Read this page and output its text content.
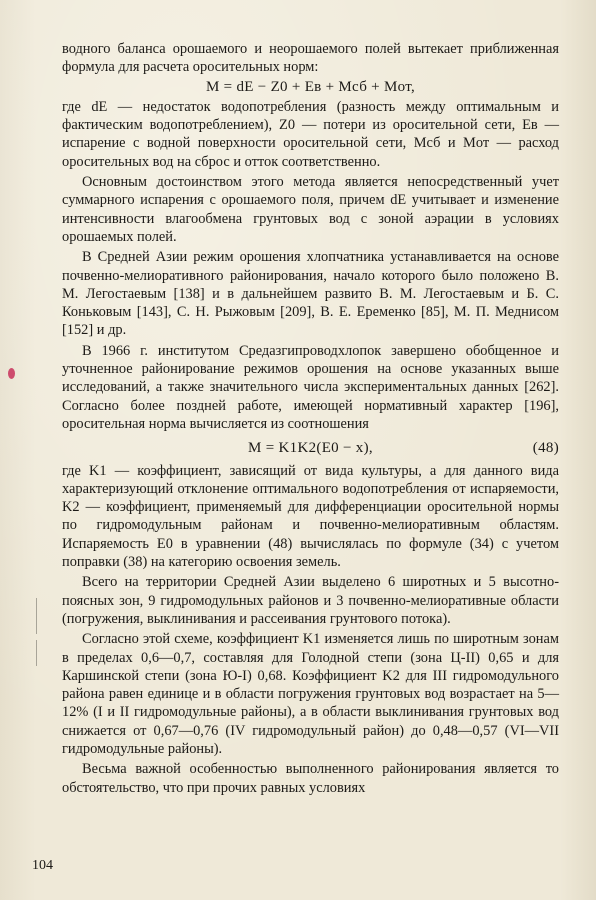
водного баланса орошаемого и неорошаемого полей вытекает приближенная формула для расчета оросительных норм:

M = dE − Z0 + Eв + Mсб + Mот,

где dE — недостаток водопотребления (разность между оптимальным и фактическим водопотреблением), Z0 — потери из оросительной сети, Eв — испарение с водной поверхности оросительной сети, Mсб и Mот — расход оросительных вод на сброс и отток соответственно.

Основным достоинством этого метода является непосредственный учет суммарного испарения с орошаемого поля, причем dE учитывает и изменение интенсивности влагообмена грунтовых вод с зоной аэрации в условиях орошаемых полей.

В Средней Азии режим орошения хлопчатника устанавливается на основе почвенно-мелиоративного районирования, начало которого было положено В. М. Легостаевым [138] и в дальнейшем развито В. М. Легостаевым и Б. С. Коньковым [143], С. Н. Рыжовым [209], В. Е. Еременко [85], М. П. Меднисом [152] и др.

В 1966 г. институтом Средазгипроводхлопок завершено обобщенное и уточненное районирование режимов орошения на основе указанных выше исследований, а также значительного числа экспериментальных данных [262]. Согласно более поздней работе, имеющей нормативный характер [196], оросительная норма вычисляется из соотношения

M = K1K2(E0 − x),	(48)

где K1 — коэффициент, зависящий от вида культуры, а для данного вида характеризующий отклонение оптимального водопотребления от испаряемости, K2 — коэффициент, применяемый для дифференциации оросительной нормы по гидромодульным районам и почвенно-мелиоративным областям. Испаряемость E0 в уравнении (48) вычислялась по формуле (34) с учетом поправки (38) на категорию освоения земель.

Всего на территории Средней Азии выделено 6 широтных и 5 высотно-поясных зон, 9 гидромодульных районов и 3 почвенно-мелиоративные области (погружения, выклинивания и рассеивания грунтового потока).

Согласно этой схеме, коэффициент K1 изменяется лишь по широтным зонам в пределах 0,6—0,7, составляя для Голодной степи (зона Ц-II) 0,65 и для Каршинской степи (зона Ю-I) 0,68. Коэффициент K2 для III гидромодульного района равен единице и в области погружения грунтовых вод возрастает на 5—12% (I и II гидромодульные районы), а в области выклинивания грунтовых вод снижается от 0,67—0,76 (IV гидромодульный район) до 0,48—0,57 (VI—VII гидромодульные районы).

Весьма важной особенностью выполненного районирования является то обстоятельство, что при прочих равных условиях

104
